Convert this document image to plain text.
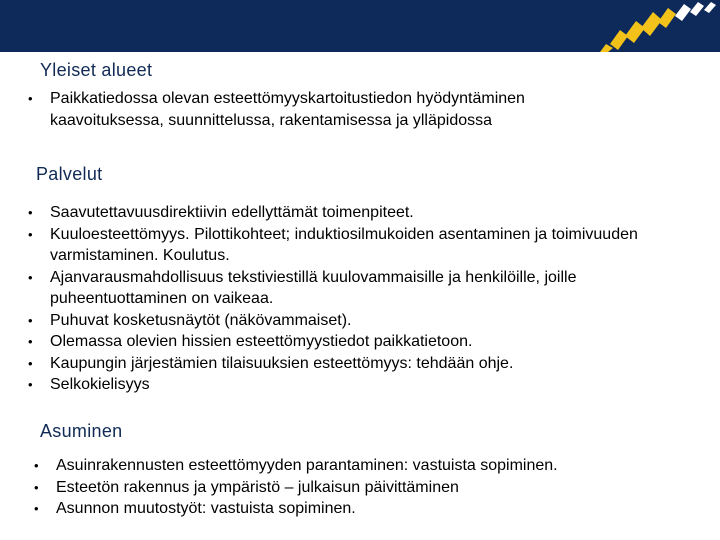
Yleiset alueet
• Paikkatiedossa olevan esteettömyyskartoitustiedon hyödyntäminen kaavoituksessa, suunnittelussa, rakentamisessa ja ylläpidossa
Palvelut
• Saavutettavuusdirektiivin edellyttämät toimenpiteet.
• Kuuloesteettömyys. Pilottikohteet; induktiosilmukoiden asentaminen ja toimivuuden varmistaminen. Koulutus.
• Ajanvarausmahdollisuus tekstiviestillä kuulovammaisille ja henkilöille, joille puheentuottaminen on vaikeaa.
• Puhuvat kosketusnäytöt (näkövammaiset).
• Olemassa olevien hissien esteettömyystiedot paikkatietoon.
• Kaupungin järjestämien tilaisuuksien esteettömyys: tehdään ohje.
• Selkokielisyys
Asuminen
• Asuinrakennusten esteettömyyden parantaminen: vastuista sopiminen.
• Esteetön rakennus ja ympäristö – julkaisun päivittäminen
• Asunnon muutostyöt: vastuista sopiminen.
